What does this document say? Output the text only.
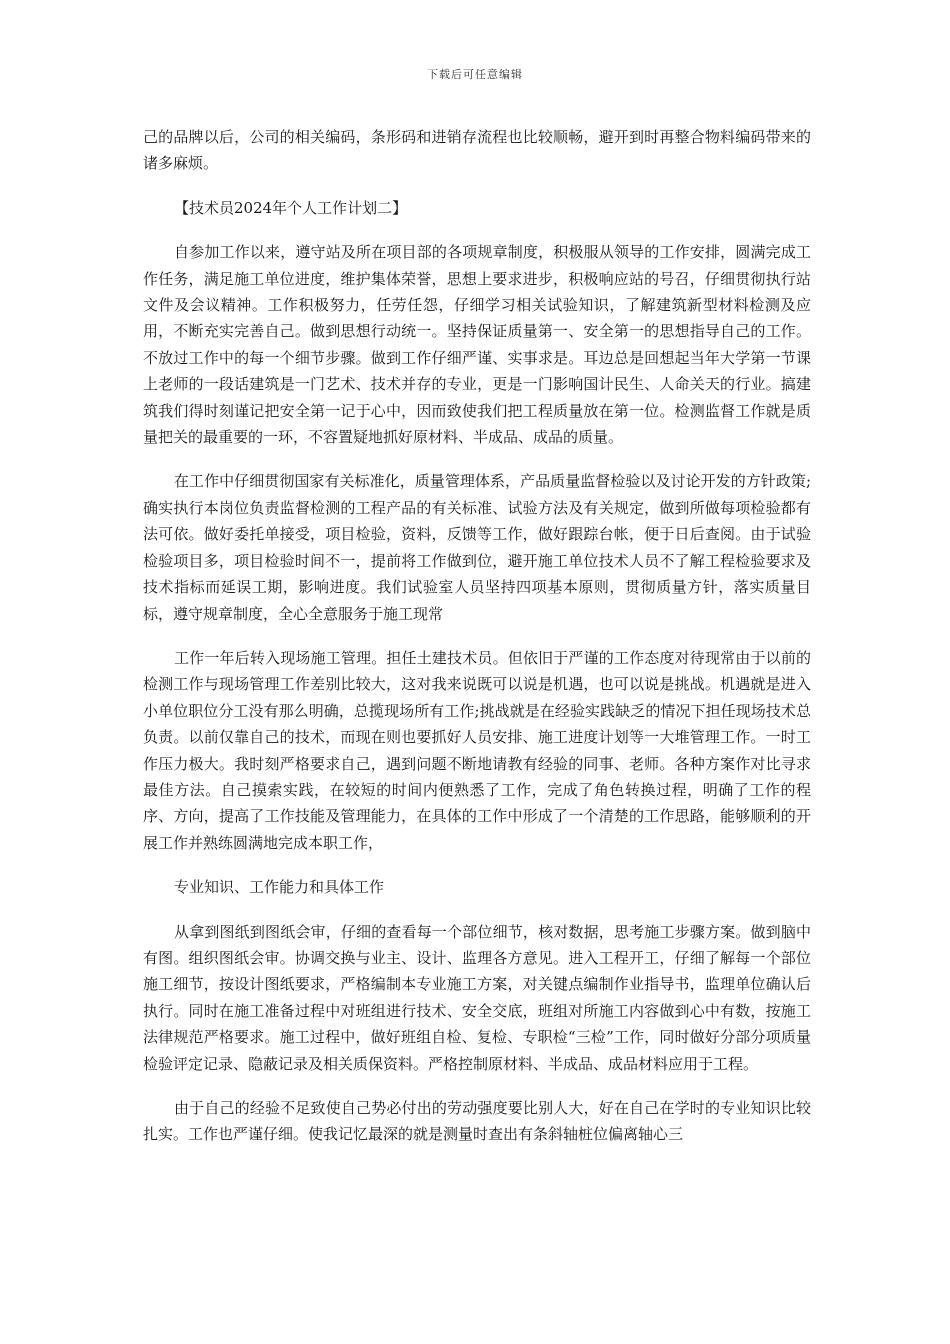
下载后可任意编辑

己的品牌以后，公司的相关编码，条形码和进销存流程也比较顺畅，避开到时再整合物料编码带来的诸多麻烦。

【技术员2024年个人工作计划二】

自参加工作以来，遵守站及所在项目部的各项规章制度，积极服从领导的工作安排，圆满完成工作任务，满足施工单位进度，维护集体荣誉，思想上要求进步，积极响应站的号召，仔细贯彻执行站文件及会议精神。工作积极努力，任劳任怨，仔细学习相关试验知识，了解建筑新型材料检测及应用，不断充实完善自己。做到思想行动统一。坚持保证质量第一、安全第一的思想指导自己的工作。不放过工作中的每一个细节步骤。做到工作仔细严谨、实事求是。耳边总是回想起当年大学第一节课上老师的一段话建筑是一门艺术、技术并存的专业，更是一门影响国计民生、人命关天的行业。搞建筑我们得时刻谨记把安全第一记于心中，因而致使我们把工程质量放在第一位。检测监督工作就是质量把关的最重要的一环，不容置疑地抓好原材料、半成品、成品的质量。

在工作中仔细贯彻国家有关标准化，质量管理体系，产品质量监督检验以及讨论开发的方针政策;确实执行本岗位负责监督检测的工程产品的有关标准、试验方法及有关规定，做到所做每项检验都有法可依。做好委托单接受，项目检验，资料，反馈等工作，做好跟踪台帐，便于日后查阅。由于试验检验项目多，项目检验时间不一，提前将工作做到位，避开施工单位技术人员不了解工程检验要求及技术指标而延误工期，影响进度。我们试验室人员坚持四项基本原则，贯彻质量方针，落实质量目标，遵守规章制度，全心全意服务于施工现常

工作一年后转入现场施工管理。担任土建技术员。但依旧于严谨的工作态度对待现常由于以前的检测工作与现场管理工作差别比较大，这对我来说既可以说是机遇，也可以说是挑战。机遇就是进入小单位职位分工没有那么明确，总揽现场所有工作;挑战就是在经验实践缺乏的情况下担任现场技术总负责。以前仅靠自己的技术，而现在则也要抓好人员安排、施工进度计划等一大堆管理工作。一时工作压力极大。我时刻严格要求自己，遇到问题不断地请教有经验的同事、老师。各种方案作对比寻求最佳方法。自己摸索实践，在较短的时间内便熟悉了工作，完成了角色转换过程，明确了工作的程序、方向，提高了工作技能及管理能力，在具体的工作中形成了一个清楚的工作思路，能够顺利的开展工作并熟练圆满地完成本职工作，

专业知识、工作能力和具体工作

从拿到图纸到图纸会审，仔细的查看每一个部位细节，核对数据，思考施工步骤方案。做到脑中有图。组织图纸会审。协调交换与业主、设计、监理各方意见。进入工程开工，仔细了解每一个部位施工细节，按设计图纸要求，严格编制本专业施工方案，对关键点编制作业指导书，监理单位确认后执行。同时在施工准备过程中对班组进行技术、安全交底，班组对所施工内容做到心中有数，按施工法律规范严格要求。施工过程中，做好班组自检、复检、专职检“三检”工作，同时做好分部分项质量检验评定记录、隐蔽记录及相关质保资料。严格控制原材料、半成品、成品材料应用于工程。

由于自己的经验不足致使自己势必付出的劳动强度要比别人大，好在自己在学时的专业知识比较扎实。工作也严谨仔细。使我记忆最深的就是测量时查出有条斜轴桩位偏离轴心三
